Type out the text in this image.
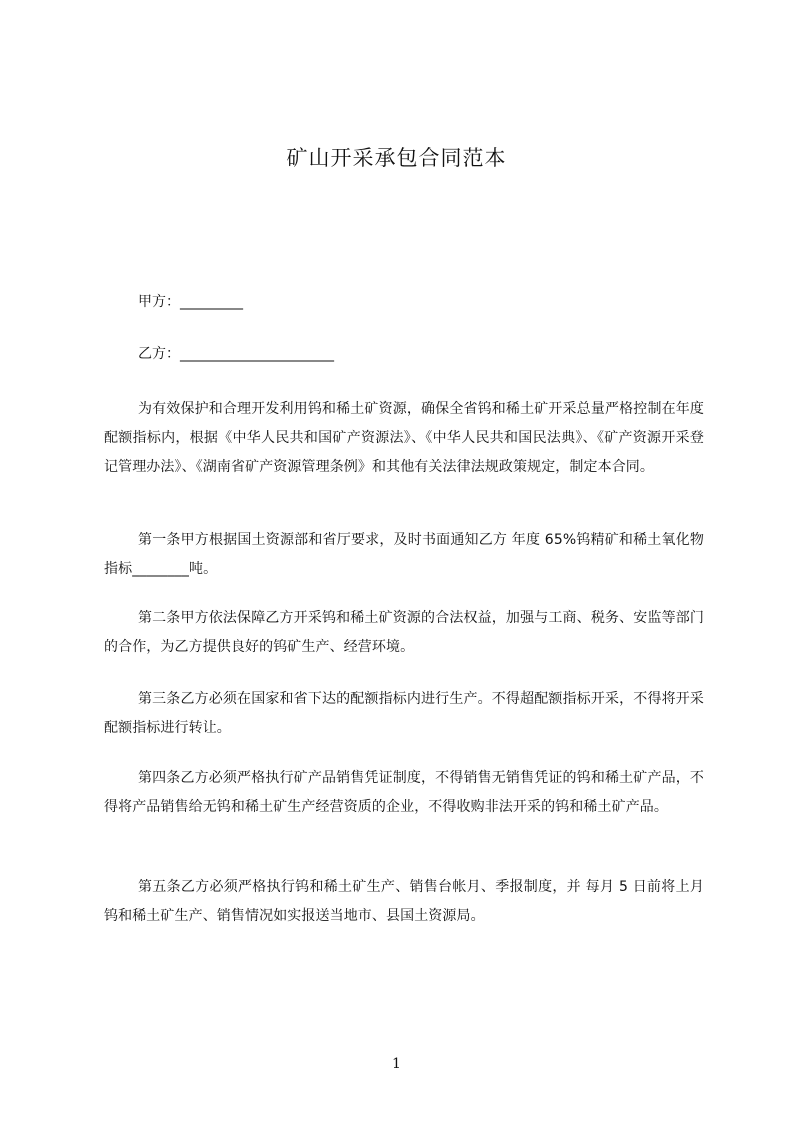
矿山开采承包合同范本
甲方：_________
乙方：______________________
为有效保护和合理开发利用钨和稀土矿资源，确保全省钨和稀土矿开采总量严格控制在年度配额指标内，根据《中华人民共和国矿产资源法》、《中华人民共和国民法典》、《矿产资源开采登记管理办法》、《湖南省矿产资源管理条例》和其他有关法律法规政策规定，制定本合同。
第一条甲方根据国土资源部和省厅要求，及时书面通知乙方 年度 65%钨精矿和稀土氧化物指标________吨。
第二条甲方依法保障乙方开采钨和稀土矿资源的合法权益，加强与工商、税务、安监等部门的合作，为乙方提供良好的钨矿生产、经营环境。
第三条乙方必须在国家和省下达的配额指标内进行生产。不得超配额指标开采，不得将开采配额指标进行转让。
第四条乙方必须严格执行矿产品销售凭证制度，不得销售无销售凭证的钨和稀土矿产品，不得将产品销售给无钨和稀土矿生产经营资质的企业，不得收购非法开采的钨和稀土矿产品。
第五条乙方必须严格执行钨和稀土矿生产、销售台帐月、季报制度，并 每月 5 日前将上月钨和稀土矿生产、销售情况如实报送当地市、县国土资源局。
1
